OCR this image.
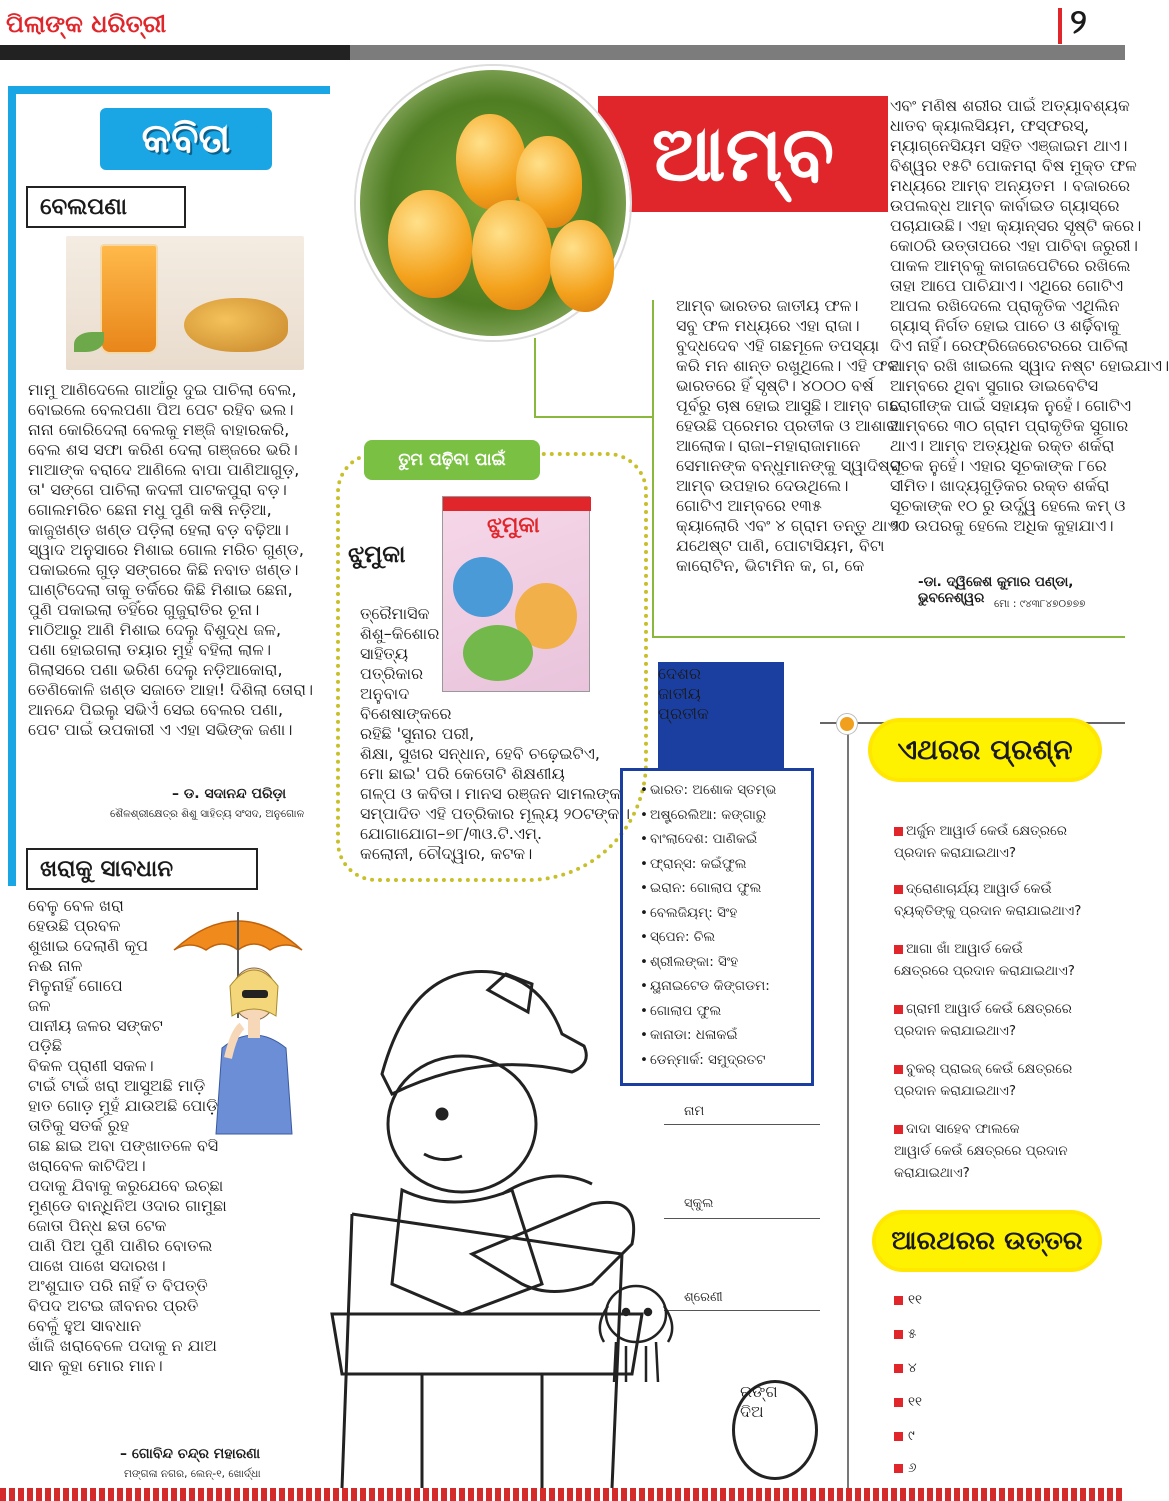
ପିଲାଙ୍କ ଧରିତ୍ରୀ	୨
କବିତା
ବେଲପଣା
ମାମୁ ଆଣିଦେଲେ ଗାଆଁରୁ ଦୁଇ ପାଚିଲା ବେଲ,
ବୋଇଲେ ବେଲପଣା ପିଅ ପେଟ ରହିବ ଭଲ।
ନାନା କୋରିଦେଲା ବେଲକୁ ମଞ୍ଜି ବାହାରକରି,
ବେଲ ଶସ ସଫା କରିଣ ଦେଲା ଗଞ୍ଜରେ ଭରି।
ମାଆଙ୍କ ବରାଦେ ଆଣିଲେ ବାପା ପାଣିଆଗୁଡ଼,
ତା' ସଙ୍ଗେ ପାଚିଲା କଦଳୀ ପାଟକପୁରା ବଡ଼।
ଗୋଲମରିଚ ଛେନା ମଧୁ ପୁଣି କଷି ନଡ଼ିଆ,
କାଜୁଖଣ୍ଡ ଖଣ୍ଡ ପଡ଼ିଲା ହେଲା ବଡ଼ ବଢ଼ିଆ।
ସ୍ୱାଦ ଅନୁସାରେ ମିଶାଇ ଗୋଲ ମରିଚ ଗୁଣ୍ଡ,
ପକାଇଲେ ଗୁଡ଼ ସଙ୍ଗରେ କିଛି ନବାତ ଖଣ୍ଡ।
ଘାଣ୍ଟିଦେଲା ତାକୁ ତର୍କିରେ କିଛି ମିଶାଇ ଛେନା,
ପୁଣି ପକାଇଲା ତହିଁରେ ଗୁଜୁରାତିର ଚୂନା।
ମାଠିଆରୁ ଆଣି ମିଶାଇ ଦେଲୁ ବିଶୁଦ୍ଧ ଜଳ,
ପଣା ହୋଇଗଲା ତୟାର ମୁହଁ ବହିଲା ଲାଳ।
ଗିଲାସରେ ପଣା ଭରିଣ ଦେଲୁ ନଡ଼ିଆକୋରା,
ତେଣିକୋଳି ଖଣ୍ଡ ସଜାତେ ଆହା! ଦିଶିଲା ତୋରା।
ଆନନ୍ଦେ ପିଇଲୁ ସଭିଏଁ ସେଇ ବେଲର ପଣା,
ପେଟ ପାଇଁ ଉପକାରୀ ଏ ଏହା ସଭିଙ୍କ ଜଣା।
– ଡ. ସଦାନନ୍ଦ ପରିଡ଼ା
ଶୈଳଶ୍ରୀକ୍ଷେତ୍ର ଶିଶୁ ସାହିତ୍ୟ ସଂସଦ, ଅନୁଗୋଳ
ଖରାକୁ ସାବଧାନ
ବେଳୁ ବେଳ ଖରା
ହେଉଛି ପ୍ରବଳ
ଶୁଖାଇ ଦେଲାଣି କୂପ
ନଈ ନାଳ
ମିଳୁନାହିଁ ଗୋପେ
ଜଳ
ପାନୀୟ ଜଳର ସଙ୍କଟ
ପଡ଼ିଛି
ବିକଳ ପ୍ରାଣୀ ସକଳ।
ଟାଇଁ ଟାଇଁ ଖରା ଆସୁଅଛି ମାଡ଼ି
ହାତ ଗୋଡ଼ ମୁହଁ ଯାଉଅଛି ପୋଡ଼ି
ତାତିକୁ ସତର୍କ ରୁହ
ଗଛ ଛାଇ ଅବା ପଙ୍ଖାତଳେ ବସି
ଖରାବେଳ କାଟିଦିଅ।
ପଦାକୁ ଯିବାକୁ କରୁଯେବେ ଇଚ୍ଛା
ମୁଣ୍ଡେ ବାନ୍ଧିନିଅ ଓଦାର ଗାମୁଛା
ଜୋତା ପିନ୍ଧ ଛତା ଟେକ
ପାଣି ପିଅ ପୁଣି ପାଣିର ବୋତଲ
ପାଖେ ପାଖେ ସଦାରଖ।
ଅଂଶୁଘାତ ପରି ନାହିଁ ତ ବିପତ୍ତି
ବିପଦ ଅଟଇ ଜୀବନର ପ୍ରତି
ବେଳୁଁ ହୁଅ ସାବଧାନ
ଖାଁଜି ଖରାବେଳେ ପଦାକୁ ନ ଯାଅ
ସାନ କୁହା ମୋର ମାନ।
– ଗୋବିନ୍ଦ ଚନ୍ଦ୍ର ମହାରଣା
ମଙ୍ଗଳା ନଗର, ଲେନ୍‌-୧, ଖୋର୍ଦ୍ଧା
ଆମ୍ବ
ଆମ୍ବ ଭାରତର ଜାତୀୟ ଫଳ।
ସବୁ ଫଳ ମଧ୍ୟରେ ଏହା ରାଜା।
ବୁଦ୍ଧଦେବ ଏହି ଗଛମୂଳେ ତପସ୍ୟା
କରି ମନ ଶାନ୍ତ ରଖୁଥିଲେ। ଏହି ଫଳ
ଭାରତରେ ହିଁ ସୃଷ୍ଟି। ୪୦୦୦ ବର୍ଷ
ପୂର୍ବରୁ ଚାଷ ହୋଇ ଆସୁଛି। ଆମ୍ବ ଗଛ
ହେଉଛି ପ୍ରେମର ପ୍ରତୀକ ଓ ଆଶାର
ଆଲୋକ। ରାଜା–ମହାରାଜାମାନେ
ସେମାନଙ୍କ ବନ୍ଧୁମାନଙ୍କୁ ସ୍ୱାଦିଷ୍ଟ
ଆମ୍ବ ଉପହାର ଦେଉଥିଲେ।
ଗୋଟିଏ ଆମ୍ବରେ ୧୩୫
କ୍ୟାଲୋରି ଏବଂ ୪ ଗ୍ରାମ ତନ୍ତୁ ଥାଏ।
ଯଥେଷ୍ଟ ପାଣି, ପୋଟାସିୟମ, ବିଟା
କାରୋଟିନ, ଭିଟାମିନ କ, ଗ, କେ
ଏବଂ ମଣିଷ ଶରୀର ପାଇଁ ଅତ୍ୟାବଶ୍ୟକ
ଧାତବ କ୍ୟାଲସିୟମ, ଫସ୍‌ଫରସ୍‌,
ମ୍ୟାଗ୍ନେସିୟମ ସହିତ ଏଞ୍ଜାଇମ ଥାଏ।
ବିଶ୍ୱର ୧୫ଟି ପୋକମରା ବିଷ ମୁକ୍ତ ଫଳ
ମଧ୍ୟରେ ଆମ୍ବ ଅନ୍ୟତମ । ବଜାରରେ
ଉପଲବ୍ଧ ଆମ୍ବ କାର୍ବାଇଡ ଗ୍ୟାସ୍‌ରେ
ପଚାଯାଉଛି। ଏହା କ୍ୟାନ୍‌ସର ସୃଷ୍ଟି କରେ।
କୋଠରି ଉତ୍ତାପରେ ଏହା ପାଚିବା ଜରୁରୀ।
ପାକଳ ଆମ୍ବକୁ କାଗଜପେଟିରେ ରଖିଲେ
ତାହା ଆପେ ପାଚିଯାଏ। ଏଥିରେ ଗୋଟିଏ
ଆପଲ ରଖିଦେଲେ ପ୍ରାକୃତିକ ଏଥିଲିନ
ଗ୍ୟାସ୍‌ ନିର୍ଗତ ହୋଇ ପାଚେ ଓ ଶର୍ଢ଼ିବାକୁ
ଦିଏ ନାହିଁ। ରେଫ୍ରିଜେରେଟରରେ ପାଚିଲା
ଆମ୍ବ ରଖି ଖାଇଲେ ସ୍ୱାଦ ନଷ୍ଟ ହୋଇଯାଏ।
ଆମ୍ବରେ ଥିବା ସୁଗାର ଡାଇବେଟିସ
ରୋଗୀଙ୍କ ପାଇଁ ସହାୟକ ନୁହେଁ। ଗୋଟିଏ
ଆମ୍ବରେ ୩୦ ଗ୍ରାମ ପ୍ରାକୃତିକ ସୁଗାର
ଥାଏ। ଆମ୍ବ ଅତ୍ୟଧିକ ରକ୍ତ ଶର୍କରା
ସୂଚକ ନୁହେଁ। ଏହାର ସୂଚକାଙ୍କ ୮ରେ
ସୀମିତ। ଖାଦ୍ୟଗୁଡ଼ିକର ରକ୍ତ ଶର୍କରା
ସୂଚକାଙ୍କ ୧୦ ରୁ ଉର୍ଦ୍ଧ୍ୱ ହେଲେ କମ୍ ଓ
୨୦ ଉପରକୁ ହେଲେ ଅଧିକ କୁହାଯାଏ।
-ଡା. ଦ୍ୱିଜେଶ କୁମାର ପଣ୍ଡା, ଭୁବନେଶ୍ୱର ମୋ : ୯୪୩୮୪୭୦୭୭୭
ତୁମ ପଢ଼ିବା ପାଇଁ
ଝୁମୁକା
ଝୁମୁକା
ତ୍ରୈମାସିକ
ଶିଶୁ–କିଶୋର
ସାହିତ୍ୟ
ପତ୍ରିକାର
ଅନୁବାଦ
ବିଶେଷାଙ୍କରେ
ରହିଛି 'ସୁନାର ପରୀ,
ଶିକ୍ଷା, ସୁଖର ସନ୍ଧାନ, ହେବି ଚଢ଼େଇଟିଏ,
ମୋ ଛାଇ' ପରି କେତୋଟି ଶିକ୍ଷଣୀୟ
ଗଳ୍ପ ଓ କବିତା। ମାନସ ରଞ୍ଜନ ସାମଲଙ୍କ
ସମ୍ପାଦିତ ଏହି ପତ୍ରିକାର ମୂଲ୍ୟ ୨୦ଟଙ୍କା।
ଯୋଗାଯୋଗ–୭୮/୩ଓ.ଟି.ଏମ୍.
କଲୋନୀ, ଚୌଦ୍ୱାର, କଟକ।
ଦେଶର
ଜାତୀୟ
ପ୍ରତୀକ
• ଭାରତ: ଅଶୋକ ସ୍ତମ୍ଭ
• ଅଷ୍ଟ୍ରେଲିଆ: କଙ୍ଗାରୁ
• ବାଂଲାଦେଶ: ପାଣିକଇଁ
• ଫ୍ରାନ୍ସ: କଇଁଫୁଲ
• ଇରାନ: ଗୋଲାପ ଫୁଲ
• ବେଲଜିୟମ୍‌: ସିଂହ
• ସ୍ପେନ: ଚିଲ
• ଶ୍ରୀଲଙ୍କା: ସିଂହ
• ୟୁନାଇଟେଡ କିଙ୍ଗଡମ:
• ଗୋଲାପ ଫୁଲ
• କାନାଡା: ଧଳାକଇଁ
• ଡେନ୍‌ମାର୍କ: ସମୁଦ୍ରତଟ
ନାମ
ସ୍କୁଲ
ଶ୍ରେଣୀ
ରଙ୍ଗ
ଦିଅ
ଏଥରର ପ୍ରଶ୍ନ
ଅର୍ଜୁନ ଆୱାର୍ଡ କେଉଁ କ୍ଷେତ୍ରରେ
ପ୍ରଦାନ କରାଯାଇଥାଏ?
ଦ୍ରୋଣାଚାର୍ଯ୍ୟ ଆୱାର୍ଡ କେଉଁ
ବ୍ୟକ୍ତିଙ୍କୁ ପ୍ରଦାନ କରାଯାଇଥାଏ?
ଆଗା ଖାଁ ଆୱାର୍ଡ କେଉଁ
କ୍ଷେତ୍ରରେ ପ୍ରଦାନ କରାଯାଇଥାଏ?
ଗ୍ରାମୀ ଆୱାର୍ଡ କେଉଁ କ୍ଷେତ୍ରରେ
ପ୍ରଦାନ କରାଯାଇଥାଏ?
ବୁକର୍‌ ପ୍ରାଇଜ୍‌ କେଉଁ କ୍ଷେତ୍ରରେ
ପ୍ରଦାନ କରାଯାଇଥାଏ?
ଦାଦା ସାହେବ ଫାଲକେ
ଆୱାର୍ଡ କେଉଁ କ୍ଷେତ୍ରରେ ପ୍ରଦାନ
କରାଯାଇଥାଏ?
ଆରଥରର ଉତ୍ତର
୧୧
୫
୪
୧୧
୯
୬
